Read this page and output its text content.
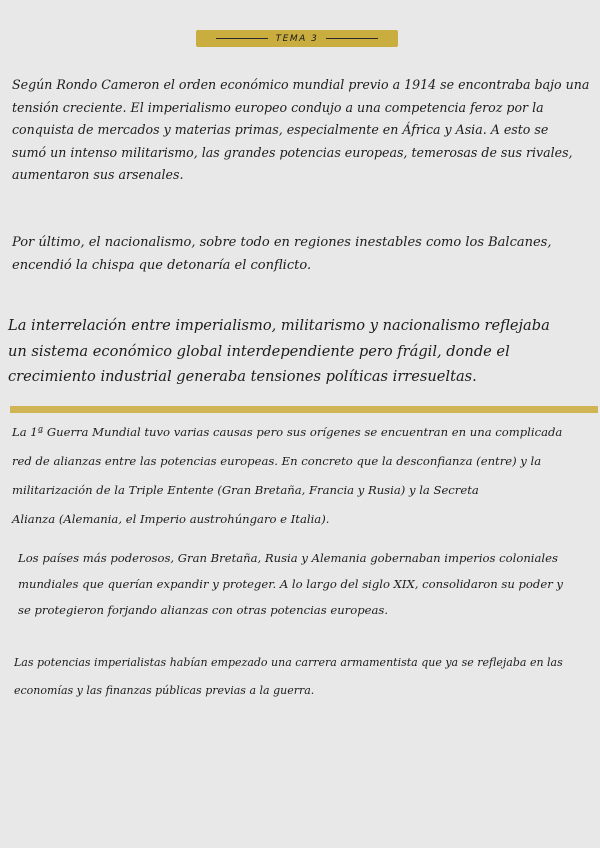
TEMA 3

Según Rondo Cameron el orden económico mundial previo a 1914 se encontraba bajo una
tensión creciente. El imperialismo europeo condujo a una competencia feroz por la
conquista de mercados y materias primas, especialmente en África y Asia. A esto se
sumó un intenso militarismo, las grandes potencias europeas, temerosas de sus rivales,
aumentaron sus arsenales.

Por último, el nacionalismo, sobre todo en regiones inestables como los Balcanes,
encendió la chispa que detonaría el conflicto.

La interrelación entre imperialismo, militarismo y nacionalismo reflejaba
un sistema económico global interdependiente pero frágil, donde el
crecimiento industrial generaba tensiones políticas irresueltas.

La 1ª Guerra Mundial tuvo varias causas pero sus orígenes se encuentran en una complicada
red de alianzas entre las potencias europeas. En concreto que la desconfianza (entre) y la
militarización de la Triple Entente (Gran Bretaña, Francia y Rusia) y la Secreta
Alianza (Alemania, el Imperio austrohúngaro e Italia).

Los países más poderosos, Gran Bretaña, Rusia y Alemania gobernaban imperios coloniales
mundiales que querían expandir y proteger. A lo largo del siglo XIX, consolidaron su poder y
se protegieron forjando alianzas con otras potencias europeas.

Las potencias imperialistas habían empezado una carrera armamentista que ya se reflejaba en las
economías y las finanzas públicas previas a la guerra.
